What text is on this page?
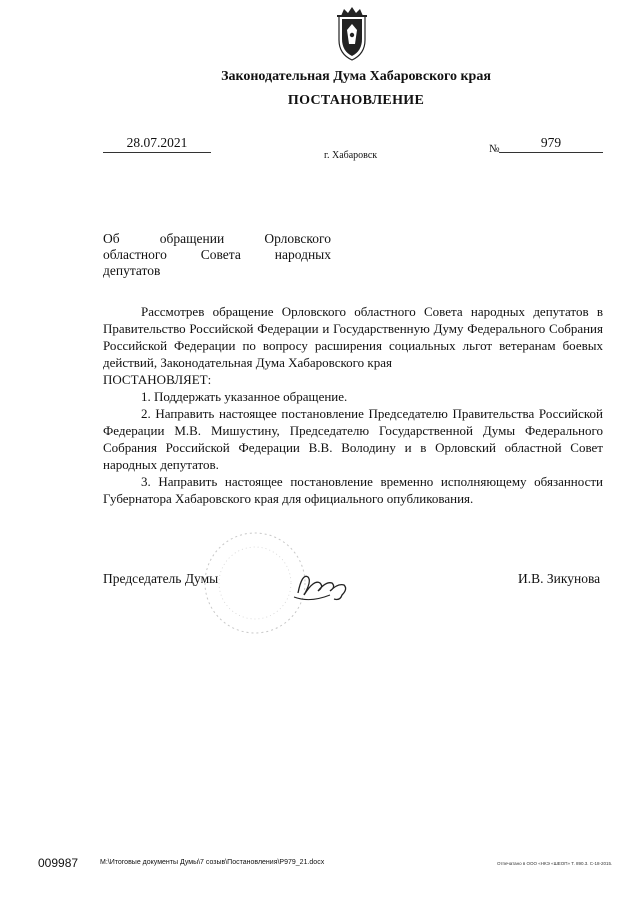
Законодательная Дума Хабаровского края
ПОСТАНОВЛЕНИЕ
28.07.2021
г. Хабаровск
№	979
Об обращении Орловского
областного Совета народных
депутатов

Рассмотрев обращение Орловского областного Совета народных депутатов в Правительство Российской Федерации и Государственную Думу Федерального Собрания Российской Федерации по вопросу расширения социальных льгот ветеранам боевых действий, Законодательная Дума Хабаровского края

ПОСТАНОВЛЯЕТ:

1. Поддержать указанное обращение.

2. Направить настоящее постановление Председателю Правительства Российской Федерации М.В. Мишустину, Председателю Государственной Думы Федерального Собрания Российской Федерации В.В. Володину и в Орловский областной Совет народных депутатов.

3. Направить настоящее постановление временно исполняющему обязанности Губернатора Хабаровского края для официального опубликования.

Председатель Думы	И.В. Зикунова
009987	M:\Итоговые документы Думы\7 созыв\Постановления\P979_21.docx	Отпечатано в ООО «НКЭ «ШЕОП» Т. 890.3. С-18-2015.
